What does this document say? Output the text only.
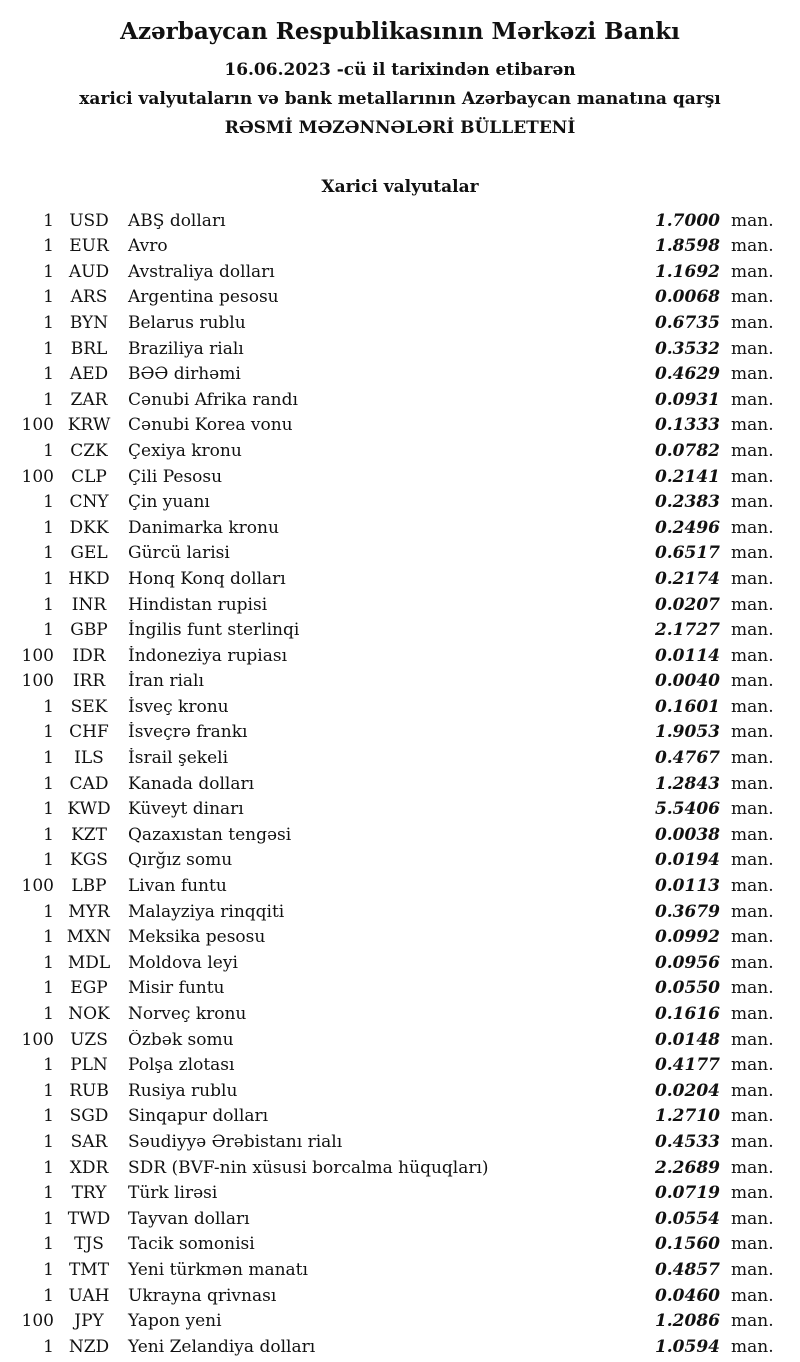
Azərbaycan Respublikasının Mərkəzi Bankı

16.06.2023 -cü il tarixindən etibarən

xarici valyutaların və bank metallarının Azərbaycan manatına qarşı

RƏSMİ MƏZƏNNƏLƏRİ BÜLLETENİ

Xarici valyutalar
1 USD	ABŞ dolları	1.7000 man.
1 EUR	Avro	1.8598 man.
1 AUD	Avstraliya dolları	1.1692 man.
1 ARS	Argentina pesosu	0.0068 man.
1 BYN	Belarus rublu	0.6735 man.
1 BRL	Braziliya rialı	0.3532 man.
1 AED	BƏƏ dirhəmi	0.4629 man.
1 ZAR	Cənubi Afrika randı	0.0931 man.
100 KRW	Cənubi Korea vonu	0.1333 man.
1 CZK	Çexiya kronu	0.0782 man.
100	CLP	Çili Pesosu	0.2141 man.
1 CNY	Çin yuanı	0.2383 man.
1 DKK	Danimarka kronu	0.2496 man.
1 GEL	Gürcü larisi	0.6517 man.
1 HKD	Honq Konq dolları	0.2174 man.
1	INR	Hindistan rupisi	0.0207 man.
1 GBP	İngilis funt sterlinqi	2.1727 man.
100	IDR	İndoneziya rupiası	0.0114 man.
100	IRR	İran rialı	0.0040 man.
1 SEK	İsveç kronu	0.1601 man.
1 CHF	İsveçrə frankı	1.9053 man.
1	ILS	İsrail şekeli	0.4767 man.
1 CAD	Kanada dolları	1.2843 man.
1 KWD	Küveyt dinarı	5.5406 man.
1	KZT	Qazaxıstan tengəsi	0.0038 man.
1 KGS	Qırğız somu	0.0194 man.
100	LBP	Livan funtu	0.0113 man.
1 MYR	Malayziya rinqqiti	0.3679 man.
1 MXN Meksika pesosu	0.0992 man.
1 MDL	Moldova leyi	0.0956 man.
1 EGP	Misir funtu	0.0550 man.
1 NOK	Norveç kronu	0.1616 man.
100 UZS	Özbək somu	0.0148 man.
1 PLN	Polşa zlotası	0.4177 man.
1 RUB	Rusiya rublu	0.0204 man.
1 SGD	Sinqapur dolları	1.2710 man.
1 SAR	Səudiyyə Ərəbistanı rialı	0.4533 man.
1 XDR	SDR (BVF-nin xüsusi borcalma hüquqları)	2.2689 man.
1	TRY	Türk lirəsi	0.0719 man.
1 TWD	Tayvan dolları	0.0554 man.
1	TJS	Tacik somonisi	0.1560 man.
1 TMT	Yeni türkmən manatı	0.4857 man.
1 UAH	Ukrayna qrivnası	0.0460 man.
100	JPY	Yapon yeni	1.2086 man.
1 NZD	Yeni Zelandiya dolları	1.0594 man.
